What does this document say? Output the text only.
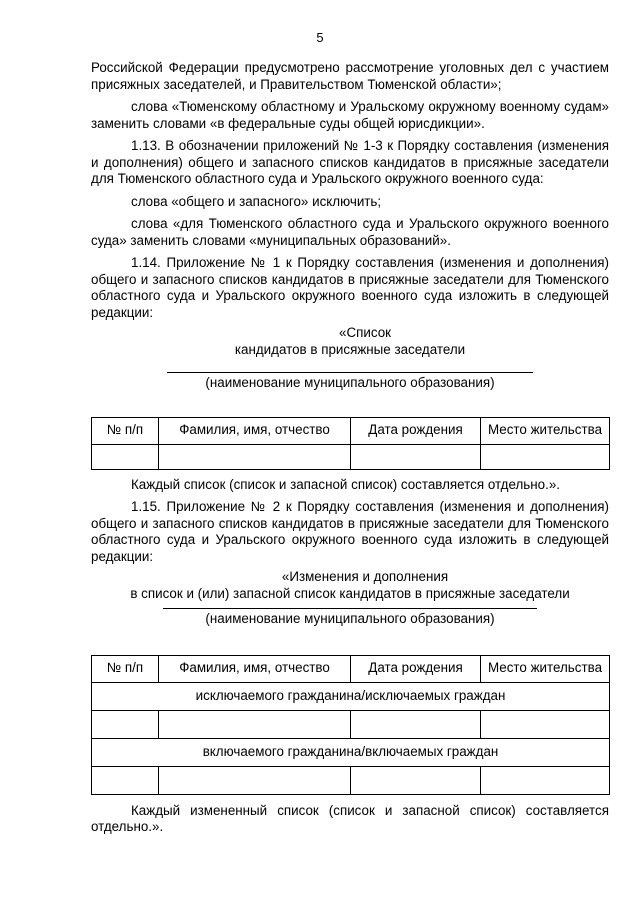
5

Российской Федерации предусмотрено рассмотрение уголовных дел с участием присяжных заседателей, и Правительством Тюменской области»;

слова «Тюменскому областному и Уральскому окружному военному судам» заменить словами «в федеральные суды общей юрисдикции».

1.13. В обозначении приложений № 1-3 к Порядку составления (изменения и дополнения) общего и запасного списков кандидатов в присяжные заседатели для Тюменского областного суда и Уральского окружного военного суда:

слова «общего и запасного» исключить;

слова «для Тюменского областного суда и Уральского окружного военного суда» заменить словами «муниципальных образований».

1.14. Приложение № 1 к Порядку составления (изменения и дополнения) общего и запасного списков кандидатов в присяжные заседатели для Тюменского областного суда и Уральского окружного военного суда изложить в следующей редакции:

«Список
кандидатов в присяжные заседатели
(наименование муниципального образования)
№ п/п	Фамилия, имя, отчество	Дата рождения	Место жительства

Каждый список (список и запасной список) составляется отдельно.».

1.15. Приложение № 2 к Порядку составления (изменения и дополнения) общего и запасного списков кандидатов в присяжные заседатели для Тюменского областного суда и Уральского окружного военного суда изложить в следующей редакции:

«Изменения и дополнения
в список и (или) запасной список кандидатов в присяжные заседатели
(наименование муниципального образования)
№ п/п	Фамилия, имя, отчество	Дата рождения	Место жительства
исключаемого гражданина/исключаемых граждан			

включаемого гражданина/включаемых граждан			

Каждый измененный список (список и запасной список) составляется отдельно.».
